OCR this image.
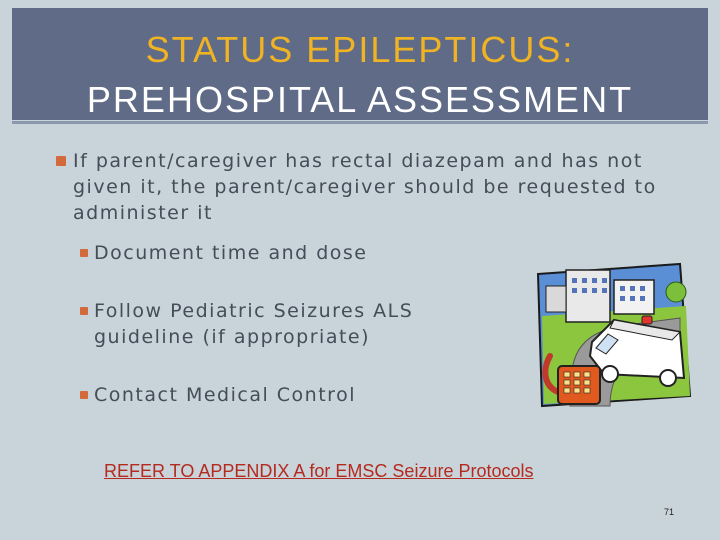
STATUS EPILEPTICUS:
PREHOSPITAL ASSESSMENT
If parent/caregiver has rectal diazepam and has not given it, the parent/caregiver should be requested to administer it
Document time and dose
Follow Pediatric Seizures ALS guideline (if appropriate)
Contact Medical Control
REFER TO APPENDIX A for EMSC Seizure Protocols
71
